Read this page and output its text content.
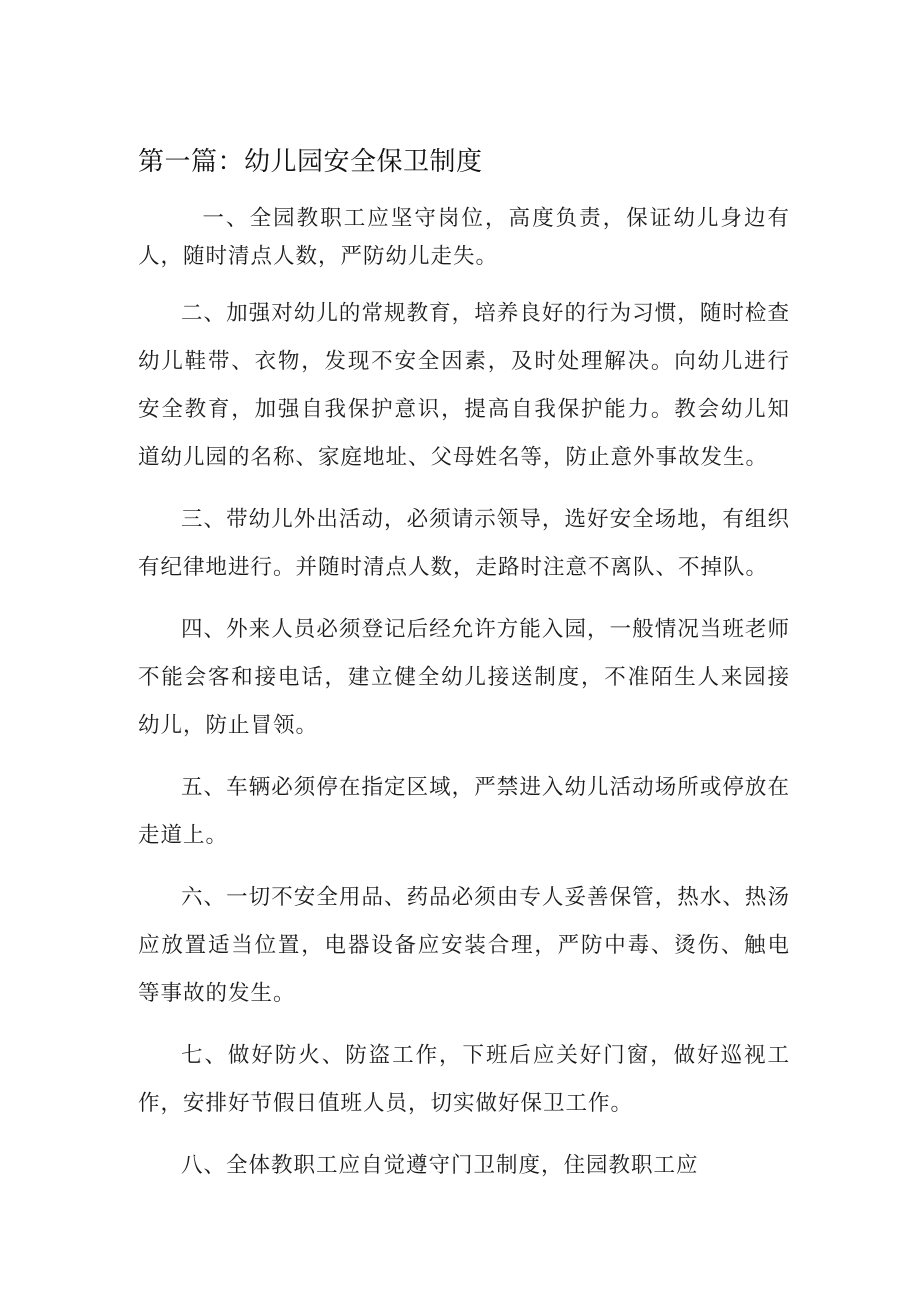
第一篇：幼儿园安全保卫制度

一、全园教职工应坚守岗位，高度负责，保证幼儿身边有人，随时清点人数，严防幼儿走失。

二、加强对幼儿的常规教育，培养良好的行为习惯，随时检查幼儿鞋带、衣物，发现不安全因素，及时处理解决。向幼儿进行安全教育，加强自我保护意识，提高自我保护能力。教会幼儿知道幼儿园的名称、家庭地址、父母姓名等，防止意外事故发生。

三、带幼儿外出活动，必须请示领导，选好安全场地，有组织有纪律地进行。并随时清点人数，走路时注意不离队、不掉队。

四、外来人员必须登记后经允许方能入园，一般情况当班老师不能会客和接电话，建立健全幼儿接送制度，不准陌生人来园接幼儿，防止冒领。

五、车辆必须停在指定区域，严禁进入幼儿活动场所或停放在走道上。

六、一切不安全用品、药品必须由专人妥善保管，热水、热汤应放置适当位置，电器设备应安装合理，严防中毒、烫伤、触电等事故的发生。

七、做好防火、防盗工作，下班后应关好门窗，做好巡视工作，安排好节假日值班人员，切实做好保卫工作。

八、全体教职工应自觉遵守门卫制度，住园教职工应
